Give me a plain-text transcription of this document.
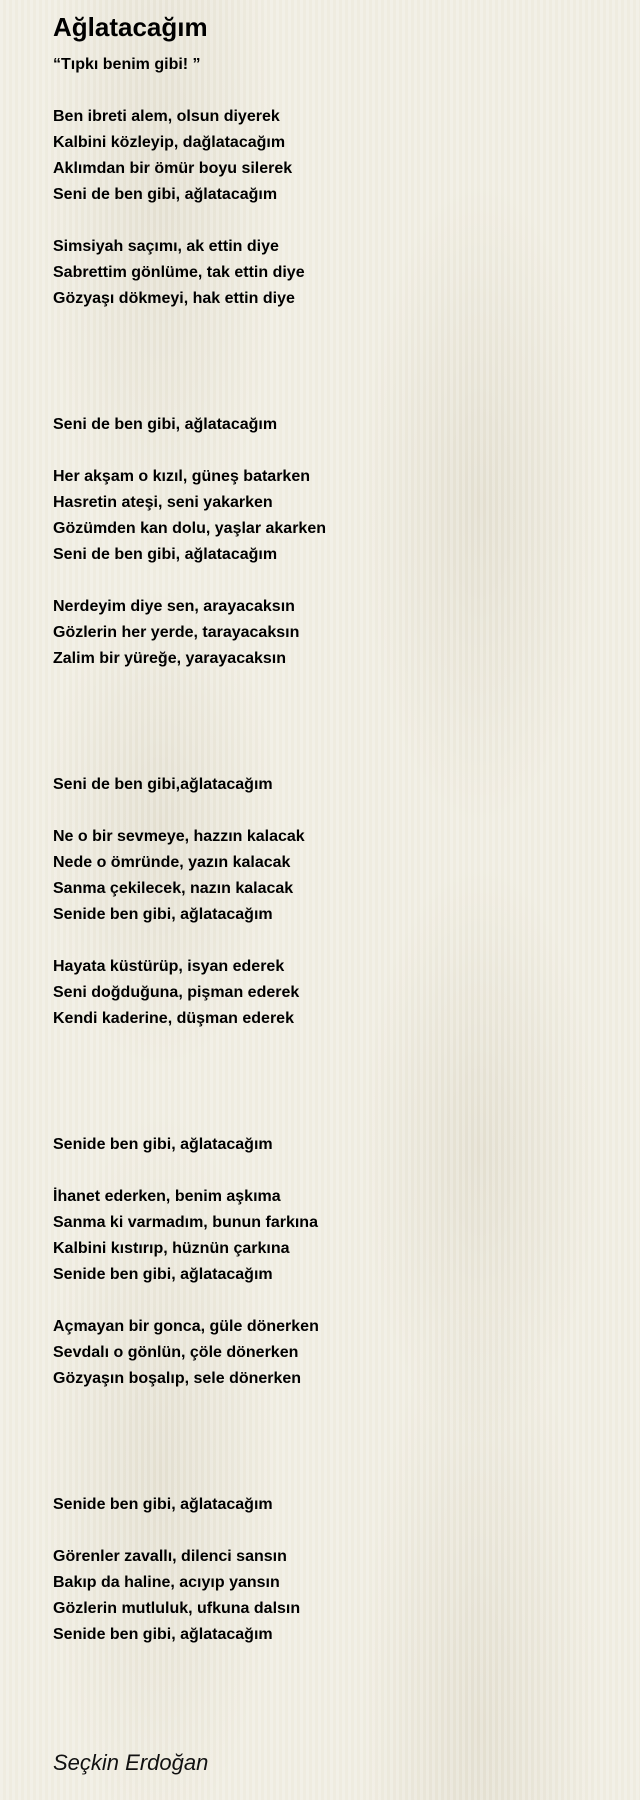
Ağlatacağım
“Tıpkı benim gibi! ”
Ben ibreti alem, olsun diyerek
Kalbini közleyip, dağlatacağım
Aklımdan bir ömür boyu silerek
Seni de ben gibi, ağlatacağım
Simsiyah saçımı, ak ettin diye
Sabrettim gönlüme, tak ettin diye
Gözyaşı dökmeyi, hak ettin diye
Seni de ben gibi, ağlatacağım
Her akşam o kızıl, güneş batarken
Hasretin ateşi, seni yakarken
Gözümden kan dolu, yaşlar akarken
Seni de ben gibi, ağlatacağım
Nerdeyim diye sen, arayacaksın
Gözlerin her yerde, tarayacaksın
Zalim bir yüreğe, yarayacaksın
Seni de ben gibi,ağlatacağım
Ne o bir sevmeye, hazzın kalacak
Nede o ömründe, yazın kalacak
Sanma çekilecek, nazın kalacak
Senide ben gibi, ağlatacağım
Hayata küstürüp, isyan ederek
Seni doğduğuna, pişman ederek
Kendi kaderine, düşman ederek
Senide ben gibi, ağlatacağım
İhanet ederken, benim aşkıma
Sanma ki varmadım, bunun farkına
Kalbini kıstırıp, hüznün çarkına
Senide ben gibi, ağlatacağım
Açmayan bir gonca, güle dönerken
Sevdalı o gönlün, çöle dönerken
Gözyaşın boşalıp, sele dönerken
Senide ben gibi, ağlatacağım
Görenler zavallı, dilenci sansın
Bakıp da haline, acıyıp yansın
Gözlerin mutluluk, ufkuna dalsın
Senide ben gibi, ağlatacağım
Seçkin Erdoğan
